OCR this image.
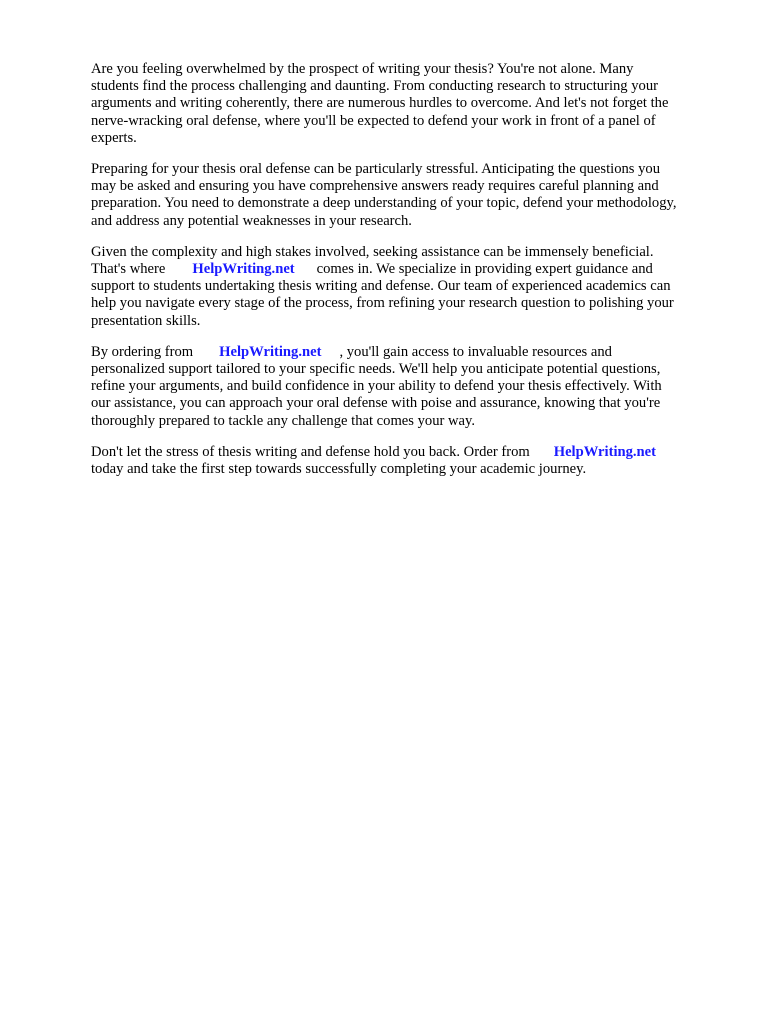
Are you feeling overwhelmed by the prospect of writing your thesis? You're not alone. Many
students find the process challenging and daunting. From conducting research to structuring your
arguments and writing coherently, there are numerous hurdles to overcome. And let's not forget the
nerve-wracking oral defense, where you'll be expected to defend your work in front of a panel of
experts.

Preparing for your thesis oral defense can be particularly stressful. Anticipating the questions you
may be asked and ensuring you have comprehensive answers ready requires careful planning and
preparation. You need to demonstrate a deep understanding of your topic, defend your methodology,
and address any potential weaknesses in your research.

Given the complexity and high stakes involved, seeking assistance can be immensely beneficial.
That's where HelpWriting.net comes in. We specialize in providing expert guidance and
support to students undertaking thesis writing and defense. Our team of experienced academics can
help you navigate every stage of the process, from refining your research question to polishing your
presentation skills.

By ordering from HelpWriting.net , you'll gain access to invaluable resources and
personalized support tailored to your specific needs. We'll help you anticipate potential questions,
refine your arguments, and build confidence in your ability to defend your thesis effectively. With
our assistance, you can approach your oral defense with poise and assurance, knowing that you're
thoroughly prepared to tackle any challenge that comes your way.

Don't let the stress of thesis writing and defense hold you back. Order from HelpWriting.net
today and take the first step towards successfully completing your academic journey.
